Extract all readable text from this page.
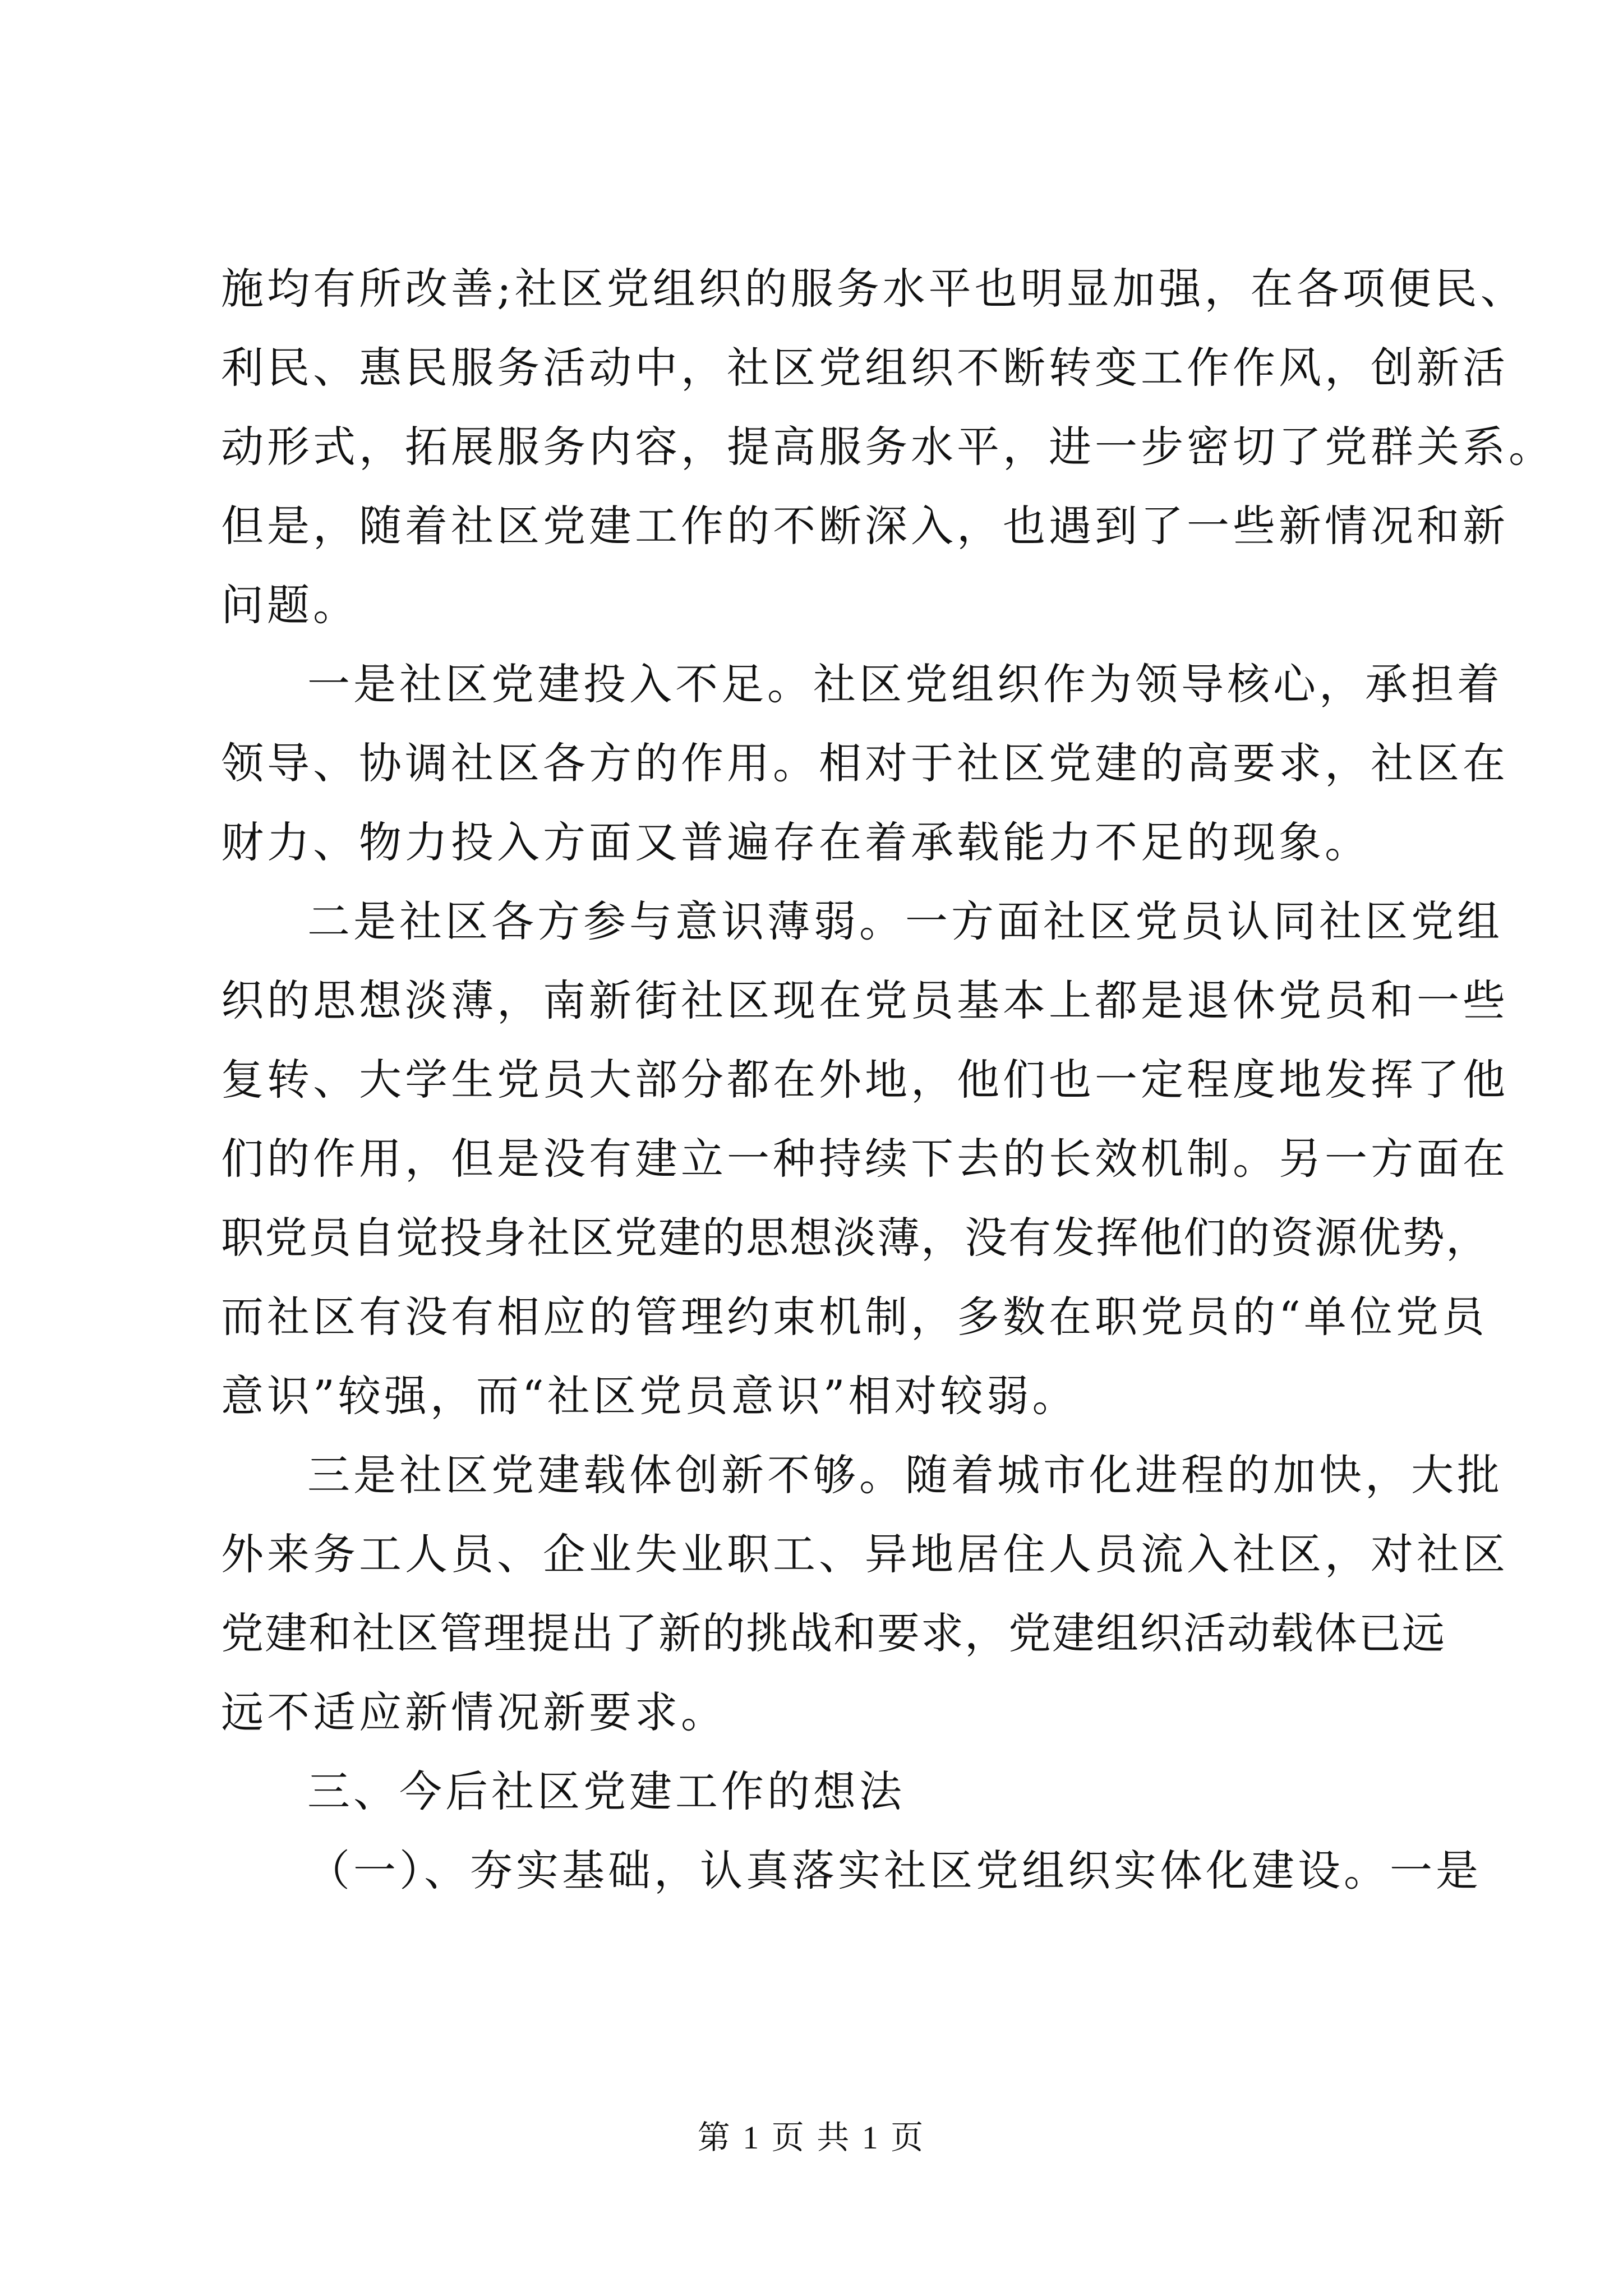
施均有所改善;社区党组织的服务水平也明显加强，在各项便民、
利民、惠民服务活动中，社区党组织不断转变工作作风，创新活
动形式，拓展服务内容，提高服务水平，进一步密切了党群关系。
但是，随着社区党建工作的不断深入，也遇到了一些新情况和新
问题。
一是社区党建投入不足。社区党组织作为领导核心，承担着
领导、协调社区各方的作用。相对于社区党建的高要求，社区在
财力、物力投入方面又普遍存在着承载能力不足的现象。
二是社区各方参与意识薄弱。一方面社区党员认同社区党组
织的思想淡薄，南新街社区现在党员基本上都是退休党员和一些
复转、大学生党员大部分都在外地，他们也一定程度地发挥了他
们的作用，但是没有建立一种持续下去的长效机制。另一方面在
职党员自觉投身社区党建的思想淡薄，没有发挥他们的资源优势，
而社区有没有相应的管理约束机制，多数在职党员的“单位党员
意识”较强，而“社区党员意识”相对较弱。
三是社区党建载体创新不够。随着城市化进程的加快，大批
外来务工人员、企业失业职工、异地居住人员流入社区，对社区
党建和社区管理提出了新的挑战和要求，党建组织活动载体已远
远不适应新情况新要求。
三、今后社区党建工作的想法
（一）、夯实基础，认真落实社区党组织实体化建设。一是
第 1 页 共 1 页
